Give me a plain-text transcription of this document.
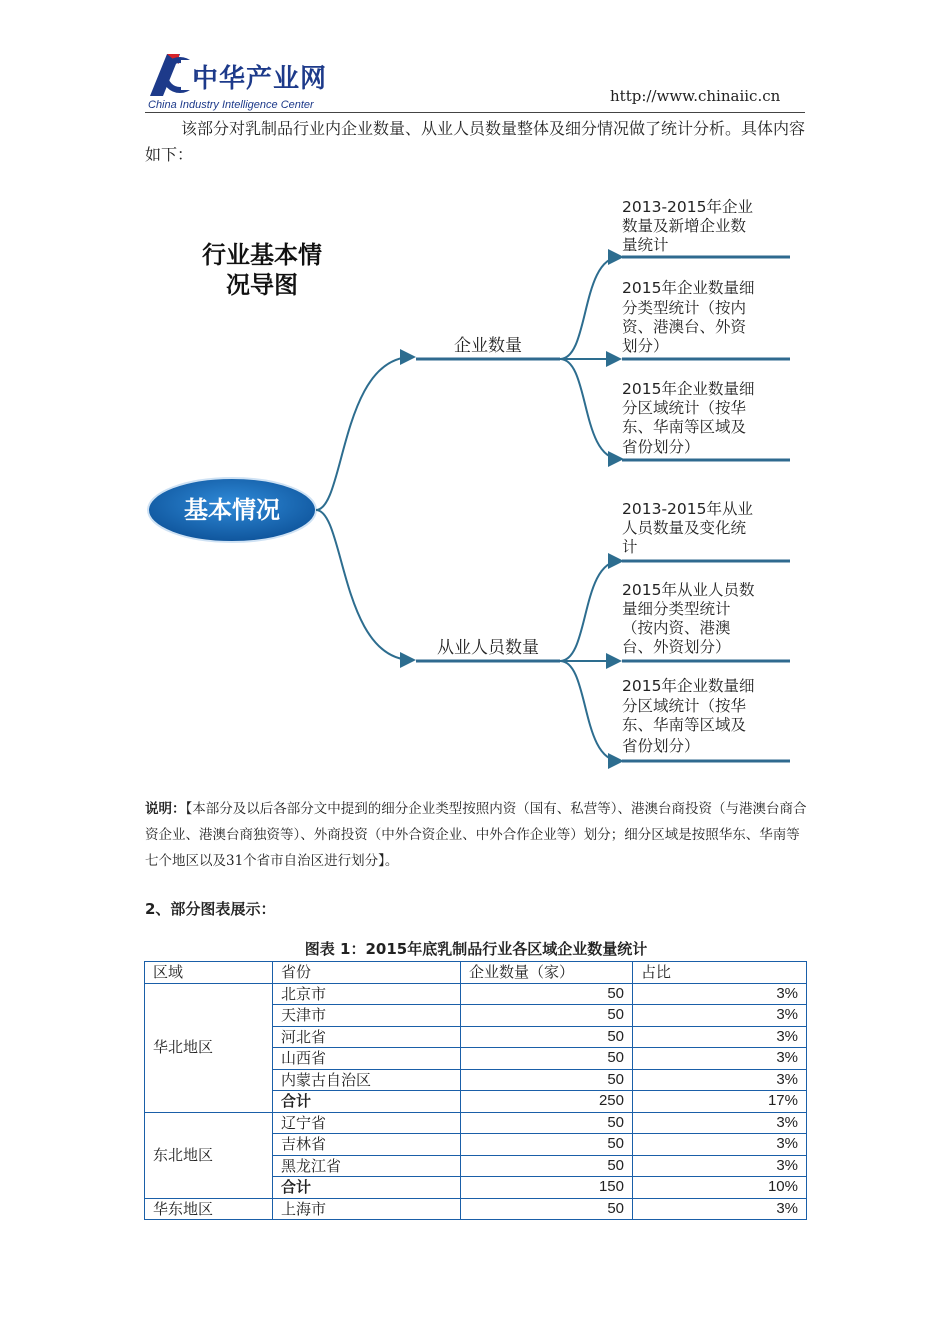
中华产业网
China Industry Intelligence Center	http://www.chinaiic.cn
该部分对乳制品行业内企业数量、从业人员数量整体及细分情况做了统计分析。具体内容如下：
行业基本情
况导图
基本情况
企业数量
2013-2015年企业
数量及新增企业数
量统计
2015年企业数量细
分类型统计（按内
资、港澳台、外资
划分）
2015年企业数量细
分区域统计（按华
东、华南等区域及
省份划分）
从业人员数量
2013-2015年从业
人员数量及变化统
计
2015年从业人员数
量细分类型统计
（按内资、港澳
台、外资划分）
2015年企业数量细
分区域统计（按华
东、华南等区域及
省份划分）
说明：【本部分及以后各部分文中提到的细分企业类型按照内资（国有、私营等）、港澳台商投资（与港澳台商合资企业、港澳台商独资等）、外商投资（中外合资企业、中外合作企业等）划分；细分区域是按照华东、华南等七个地区以及31个省市自治区进行划分】。
2、部分图表展示：
图表 1：2015年底乳制品行业各区域企业数量统计
区域	省份	企业数量（家）	占比
华北地区	北京市	50	3%
	天津市	50	3%
	河北省	50	3%
	山西省	50	3%
	内蒙古自治区	50	3%
	合计	250	17%
东北地区	辽宁省	50	3%
	吉林省	50	3%
	黑龙江省	50	3%
	合计	150	10%
华东地区	上海市	50	3%
